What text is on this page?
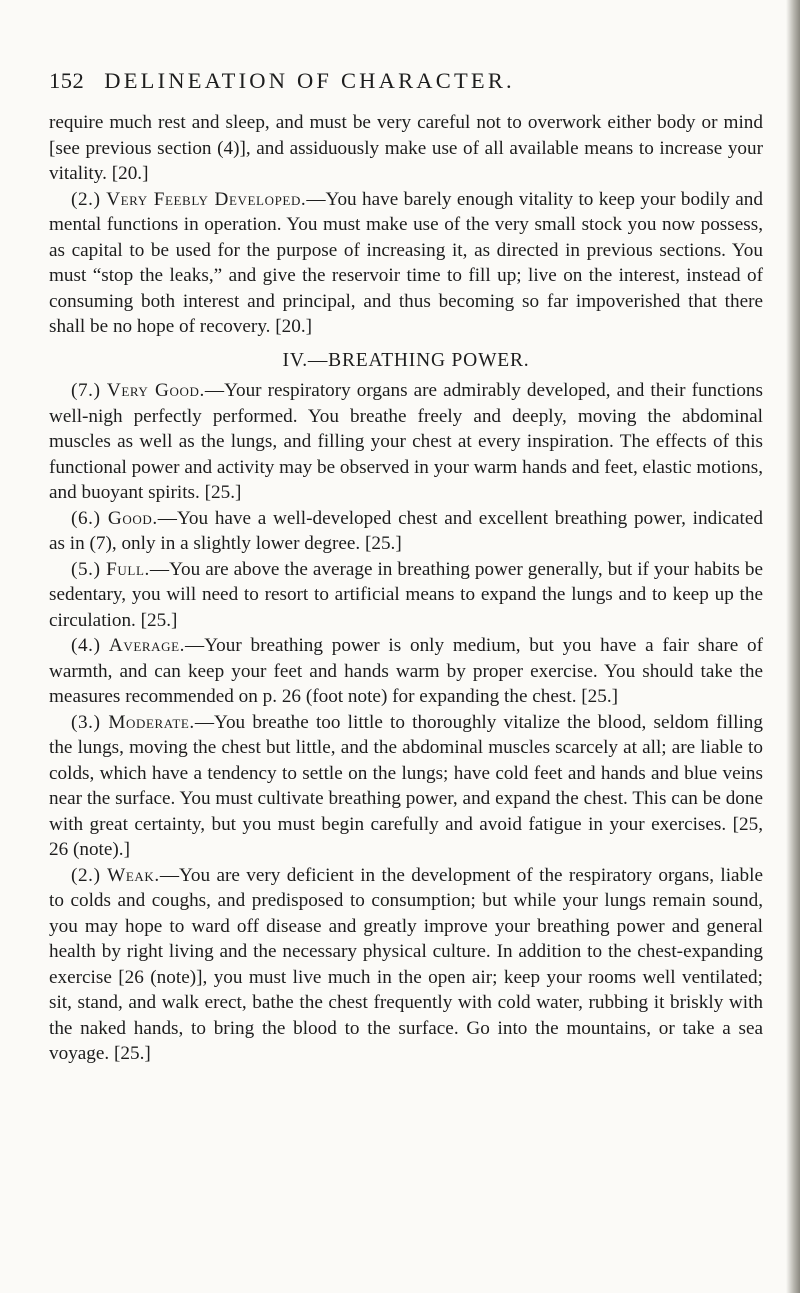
152 DELINEATION OF CHARACTER.

require much rest and sleep, and must be very careful not to overwork either body or mind [see previous section (4)], and assiduously make use of all available means to increase your vitality. [20.]

(2.) Very Feebly Developed.—You have barely enough vitality to keep your bodily and mental functions in operation. You must make use of the very small stock you now possess, as capital to be used for the purpose of increasing it, as directed in previous sections. You must “stop the leaks,” and give the reservoir time to fill up; live on the interest, instead of consuming both interest and principal, and thus becoming so far impoverished that there shall be no hope of recovery. [20.]

IV.—BREATHING POWER.

(7.) Very Good.—Your respiratory organs are admirably developed, and their functions well-nigh perfectly performed. You breathe freely and deeply, moving the abdominal muscles as well as the lungs, and filling your chest at every inspiration. The effects of this functional power and activity may be observed in your warm hands and feet, elastic motions, and buoyant spirits. [25.]

(6.) Good.—You have a well-developed chest and excellent breathing power, indicated as in (7), only in a slightly lower degree. [25.]

(5.) Full.—You are above the average in breathing power generally, but if your habits be sedentary, you will need to resort to artificial means to expand the lungs and to keep up the circulation. [25.]

(4.) Average.—Your breathing power is only medium, but you have a fair share of warmth, and can keep your feet and hands warm by proper exercise. You should take the measures recommended on p. 26 (foot note) for expanding the chest. [25.]

(3.) Moderate.—You breathe too little to thoroughly vitalize the blood, seldom filling the lungs, moving the chest but little, and the abdominal muscles scarcely at all; are liable to colds, which have a tendency to settle on the lungs; have cold feet and hands and blue veins near the surface. You must cultivate breathing power, and expand the chest. This can be done with great certainty, but you must begin carefully and avoid fatigue in your exercises. [25, 26 (note).]

(2.) Weak.—You are very deficient in the development of the respiratory organs, liable to colds and coughs, and predisposed to consumption; but while your lungs remain sound, you may hope to ward off disease and greatly improve your breathing power and general health by right living and the necessary physical culture. In addition to the chest-expanding exercise [26 (note)], you must live much in the open air; keep your rooms well ventilated; sit, stand, and walk erect, bathe the chest frequently with cold water, rubbing it briskly with the naked hands, to bring the blood to the surface. Go into the mountains, or take a sea voyage. [25.]
